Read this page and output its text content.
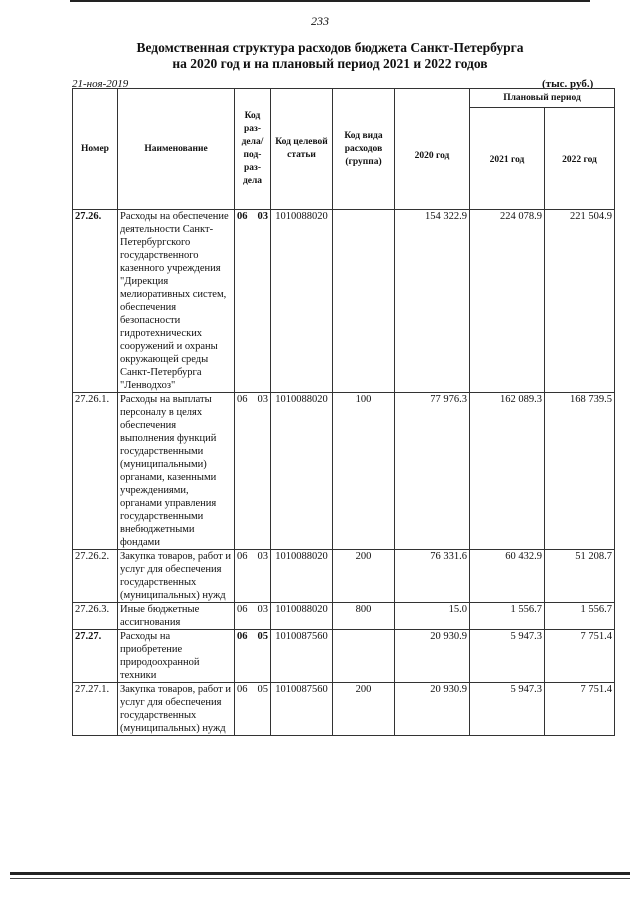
233
Ведомственная структура расходов бюджета Санкт-Петербурга
на 2020 год и на плановый период 2021 и 2022 годов
21-ноя-2019	(тыс. руб.)
Номер	Наименование	Код раз- дела/ под- раз- дела	Код целевой статьи	Код вида расходов (группа)	2020 год	Плановый период	
						2021 год	2022 год
27.26.	Расходы на обеспечение деятельности Санкт-Петербургского государственного казенного учреждения "Дирекция мелиоративных систем, обеспечения безопасности гидротехнических сооружений и охраны окружающей среды Санкт-Петербурга "Ленводхоз"	06 03	1010088020		154 322.9	224 078.9	221 504.9
27.26.1.	Расходы на выплаты персоналу в целях обеспечения выполнения функций государственными (муниципальными) органами, казенными учреждениями, органами управления государственными внебюджетными фондами	06 03	1010088020	100	77 976.3	162 089.3	168 739.5
27.26.2.	Закупка товаров, работ и услуг для обеспечения государственных (муниципальных) нужд	06 03	1010088020	200	76 331.6	60 432.9	51 208.7
27.26.3.	Иные бюджетные ассигнования	06 03	1010088020	800	15.0	1 556.7	1 556.7
27.27.	Расходы на приобретение природоохранной техники	06 05	1010087560		20 930.9	5 947.3	7 751.4
27.27.1.	Закупка товаров, работ и услуг для обеспечения государственных (муниципальных) нужд	06 05	1010087560	200	20 930.9	5 947.3	7 751.4
